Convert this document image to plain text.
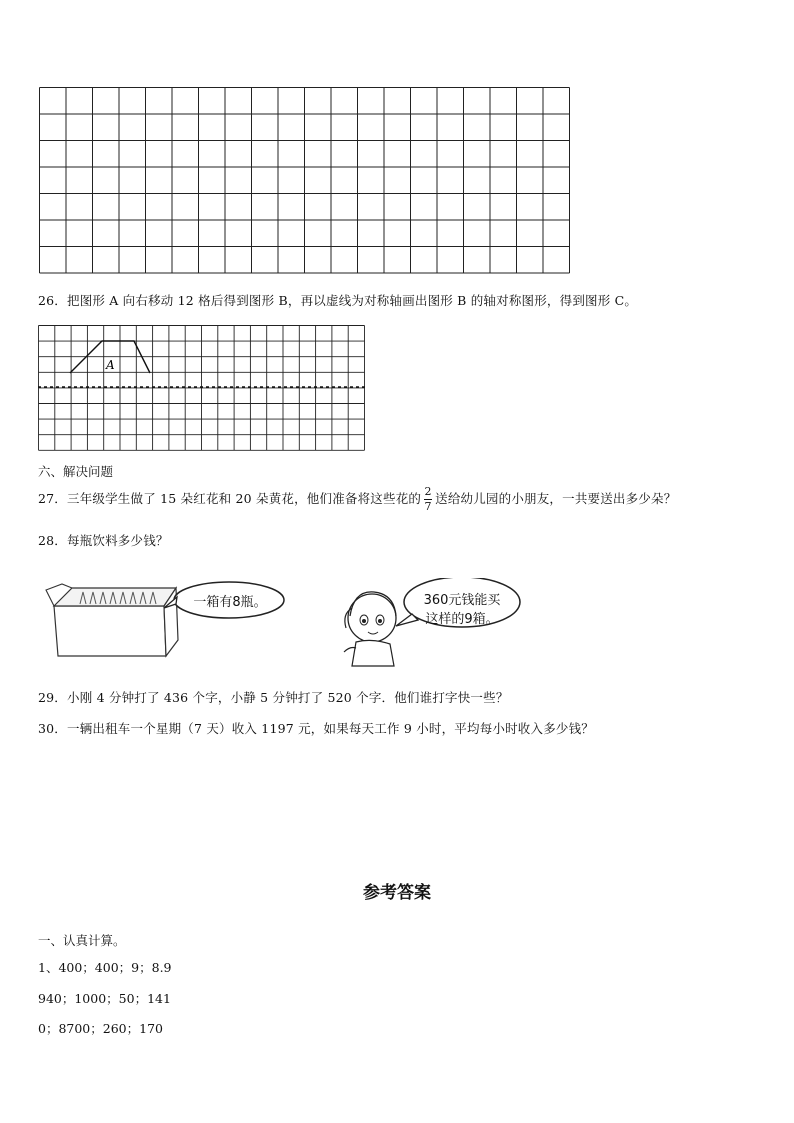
26．把图形 A 向右移动 12 格后得到图形 B，再以虚线为对称轴画出图形 B 的轴对称图形，得到图形 C。
A
六、解决问题
27．三年级学生做了 15 朵红花和 20 朵黄花，他们准备将这些花的 $\frac{2}{7}$ 送给幼儿园的小朋友，一共要送出多少朵？
28．每瓶饮料多少钱？
一箱有8瓶。	360元钱能买
这样的9箱。
29．小刚 4 分钟打了 436 个字，小静 5 分钟打了 520 个字．他们谁打字快一些？
30．一辆出租车一个星期（7 天）收入 1197 元，如果每天工作 9 小时，平均每小时收入多少钱？
参考答案
一、认真计算。
1、400；400；9；8.9
940；1000；50；141
0；8700；260；170
